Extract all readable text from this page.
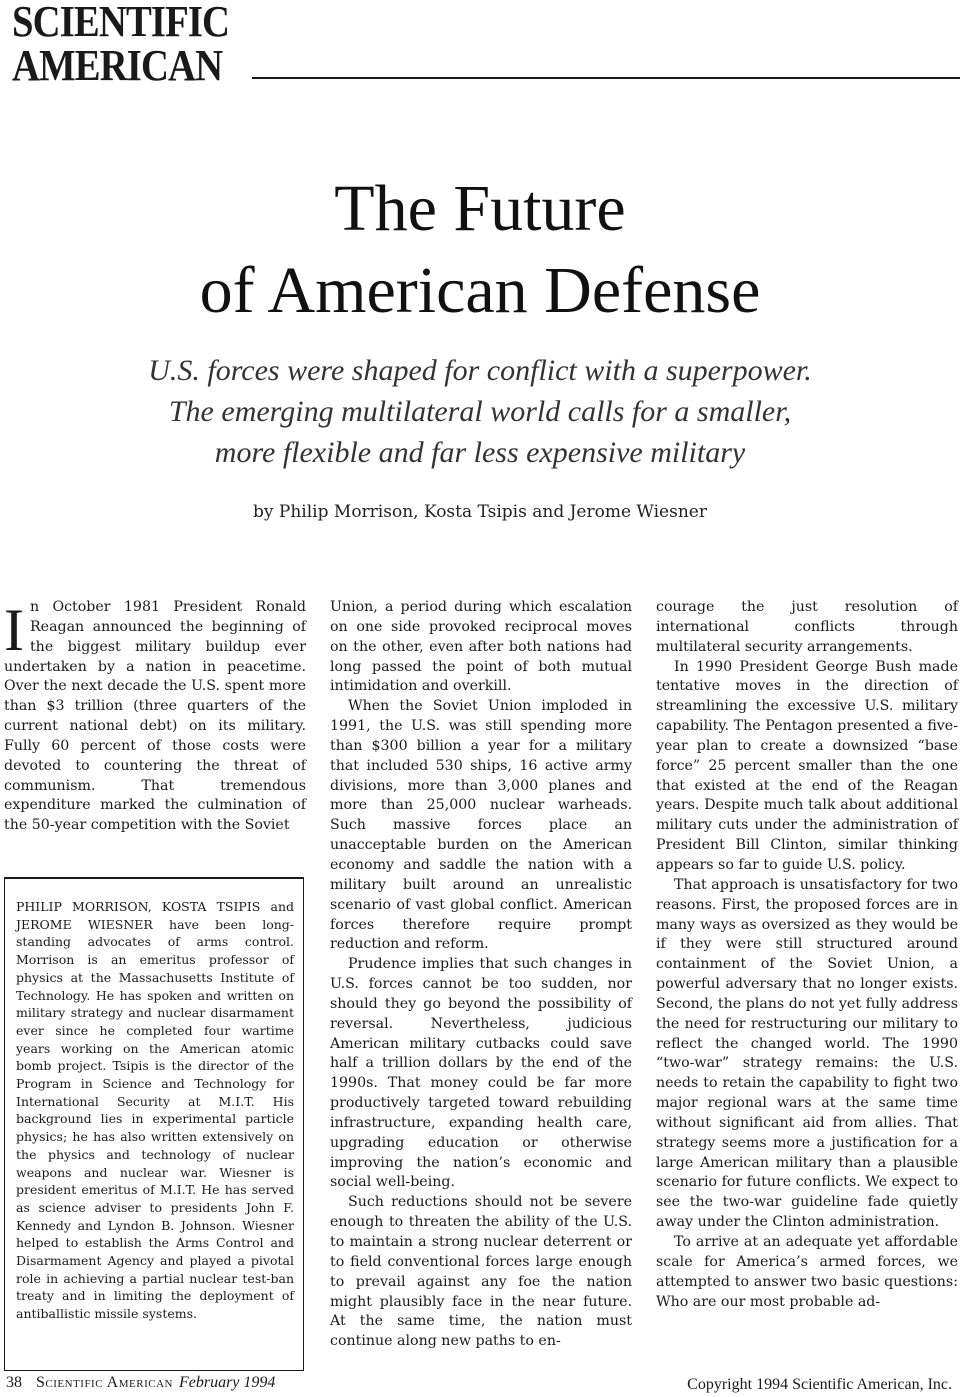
SCIENTIFIC
AMERICAN
The Future
of American Defense
U.S. forces were shaped for conflict with a superpower.
The emerging multilateral world calls for a smaller,
more flexible and far less expensive military
by Philip Morrison, Kosta Tsipis and Jerome Wiesner

In October 1981 President Ronald Reagan announced the beginning of the biggest military buildup ever undertaken by a nation in peacetime. Over the next decade the U.S. spent more than $3 trillion (three quarters of the current national debt) on its military. Fully 60 percent of those costs were devoted to countering the threat of communism. That tremendous expenditure marked the culmination of the 50-year competition with the Soviet

PHILIP MORRISON, KOSTA TSIPIS and JEROME WIESNER have been long-standing advocates of arms control. Morrison is an emeritus professor of physics at the Massachusetts Institute of Technology. He has spoken and written on military strategy and nuclear disarmament ever since he completed four wartime years working on the American atomic bomb project. Tsipis is the director of the Program in Science and Technology for International Security at M.I.T. His background lies in experimental particle physics; he has also written extensively on the physics and technology of nuclear weapons and nuclear war. Wiesner is president emeritus of M.I.T. He has served as science adviser to presidents John F. Kennedy and Lyndon B. Johnson. Wiesner helped to establish the Arms Control and Disarmament Agency and played a pivotal role in achieving a partial nuclear test-ban treaty and in limiting the deployment of antiballistic missile systems.

Union, a period during which escalation on one side provoked reciprocal moves on the other, even after both nations had long passed the point of both mutual intimidation and overkill.

When the Soviet Union imploded in 1991, the U.S. was still spending more than $300 billion a year for a military that included 530 ships, 16 active army divisions, more than 3,000 planes and more than 25,000 nuclear warheads. Such massive forces place an unacceptable burden on the American economy and saddle the nation with a military built around an unrealistic scenario of vast global conflict. American forces therefore require prompt reduction and reform.

Prudence implies that such changes in U.S. forces cannot be too sudden, nor should they go beyond the possibility of reversal. Nevertheless, judicious American military cutbacks could save half a trillion dollars by the end of the 1990s. That money could be far more productively targeted toward rebuilding infrastructure, expanding health care, upgrading education or otherwise improving the nation’s economic and social well-being.

Such reductions should not be severe enough to threaten the ability of the U.S. to maintain a strong nuclear deterrent or to field conventional forces large enough to prevail against any foe the nation might plausibly face in the near future. At the same time, the nation must continue along new paths to en-

courage the just resolution of international conflicts through multilateral security arrangements.

In 1990 President George Bush made tentative moves in the direction of streamlining the excessive U.S. military capability. The Pentagon presented a five-year plan to create a downsized “base force” 25 percent smaller than the one that existed at the end of the Reagan years. Despite much talk about additional military cuts under the administration of President Bill Clinton, similar thinking appears so far to guide U.S. policy.

That approach is unsatisfactory for two reasons. First, the proposed forces are in many ways as oversized as they would be if they were still structured around containment of the Soviet Union, a powerful adversary that no longer exists. Second, the plans do not yet fully address the need for restructuring our military to reflect the changed world. The 1990 “two-war” strategy remains: the U.S. needs to retain the capability to fight two major regional wars at the same time without significant aid from allies. That strategy seems more a justification for a large American military than a plausible scenario for future conflicts. We expect to see the two-war guideline fade quietly away under the Clinton administration.

To arrive at an adequate yet affordable scale for America’s armed forces, we attempted to answer two basic questions: Who are our most probable ad-

38 Scientific American February 1994	Copyright 1994 Scientific American, Inc.
